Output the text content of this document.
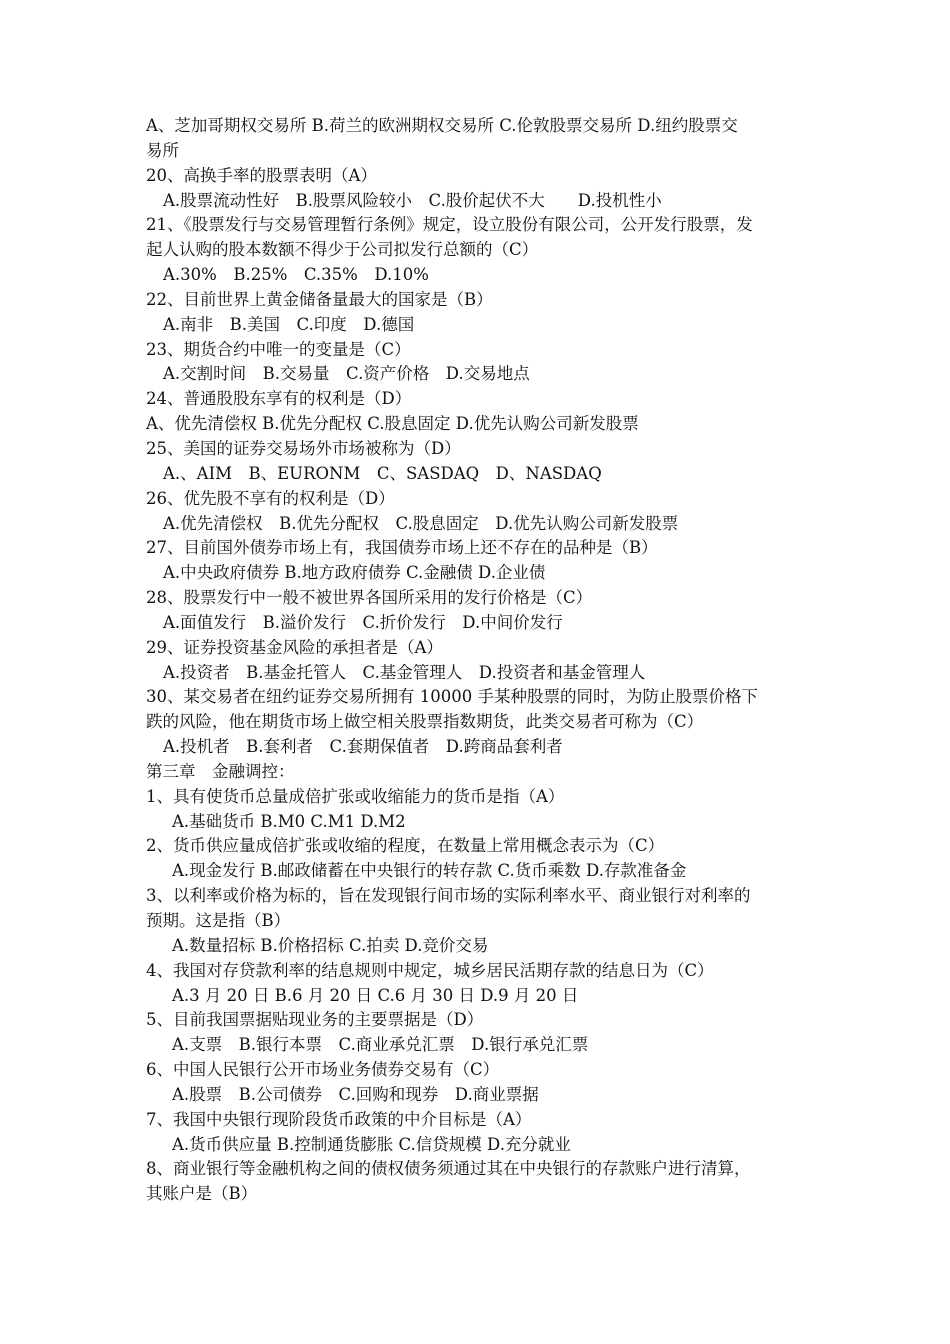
A、芝加哥期权交易所 B.荷兰的欧洲期权交易所 C.伦敦股票交易所 D.纽约股票交
易所
20、高换手率的股票表明（A）
A.股票流动性好　B.股票风险较小　C.股价起伏不大　　D.投机性小
21、《股票发行与交易管理暂行条例》规定，设立股份有限公司，公开发行股票，发
起人认购的股本数额不得少于公司拟发行总额的（C）
A.30%　B.25%　C.35%　D.10%
22、目前世界上黄金储备量最大的国家是（B）
A.南非　B.美国　C.印度　D.德国
23、期货合约中唯一的变量是（C）
A.交割时间　B.交易量　C.资产价格　D.交易地点
24、普通股股东享有的权利是（D）
A、优先清偿权 B.优先分配权 C.股息固定 D.优先认购公司新发股票
25、美国的证券交易场外市场被称为（D）
A.、AIM　B、EURONM　C、SASDAQ　D、NASDAQ
26、优先股不享有的权利是（D）
A.优先清偿权　B.优先分配权　C.股息固定　D.优先认购公司新发股票
27、目前国外债券市场上有，我国债券市场上还不存在的品种是（B）
A.中央政府债券 B.地方政府债券 C.金融债 D.企业债
28、股票发行中一般不被世界各国所采用的发行价格是（C）
A.面值发行　B.溢价发行　C.折价发行　D.中间价发行
29、证券投资基金风险的承担者是（A）
A.投资者　B.基金托管人　C.基金管理人　D.投资者和基金管理人
30、某交易者在纽约证券交易所拥有 10000 手某种股票的同时，为防止股票价格下
跌的风险，他在期货市场上做空相关股票指数期货，此类交易者可称为（C）
A.投机者　B.套利者　C.套期保值者　D.跨商品套利者
第三章　金融调控：
1、具有使货币总量成倍扩张或收缩能力的货币是指（A）
A.基础货币 B.M0 C.M1 D.M2
2、货币供应量成倍扩张或收缩的程度，在数量上常用概念表示为（C）
A.现金发行 B.邮政储蓄在中央银行的转存款 C.货币乘数 D.存款准备金
3、以利率或价格为标的，旨在发现银行间市场的实际利率水平、商业银行对利率的
预期。这是指（B）
A.数量招标 B.价格招标 C.拍卖 D.竞价交易
4、我国对存贷款利率的结息规则中规定，城乡居民活期存款的结息日为（C）
A.3 月 20 日 B.6 月 20 日 C.6 月 30 日 D.9 月 20 日
5、目前我国票据贴现业务的主要票据是（D）
A.支票　B.银行本票　C.商业承兑汇票　D.银行承兑汇票
6、中国人民银行公开市场业务债券交易有（C）
A.股票　B.公司债券　C.回购和现券　D.商业票据
7、我国中央银行现阶段货币政策的中介目标是（A）
A.货币供应量 B.控制通货膨胀 C.信贷规模 D.充分就业
8、商业银行等金融机构之间的债权债务须通过其在中央银行的存款账户进行清算，
其账户是（B）
